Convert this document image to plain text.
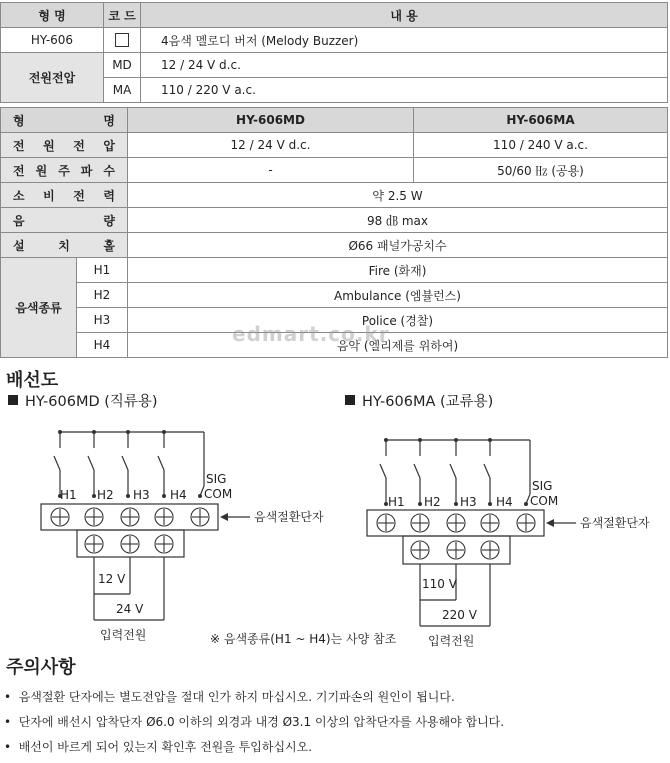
형 명	코 드	내 용
HY-606		4음색 멜로디 버저 (Melody Buzzer)
전원전압	MD	12 / 24 V d.c.
	MA	110 / 220 V a.c.
형 명		HY-606MD	HY-606MA

전 원 전 압		12 / 24 V d.c.	110 / 240 V a.c.

전 원 주 파 수		-	50/60 ㎐ (공용)

소 비 전 력		약 2.5 W	

음 량		98 ㏈ max	

설 치 홀		Ø66 패널가공치수	
음색종류	H1	Fire (화재)	
	H2	Ambulance (엠뷸런스)	
	H3	Police (경찰)	
	H4	음악 (엘리제를 위하여)	
edmart.co.kr
배선도
HY-606MD (직류용)	HY-606MA (교류용)
H1 H2 H3 H4
SIG
COM
음색절환단자
12 V
24 V
입력전원
H1 H2 H3 H4
SIG
COM
음색절환단자
110 V
220 V
입력전원
※ 음색종류(H1 ~ H4)는 사양 참조
주의사항
•  음색절환 단자에는 별도전압을 절대 인가 하지 마십시오. 기기파손의 원인이 됩니다.
•  단자에 배선시 압착단자 Ø6.0 이하의 외경과 내경 Ø3.1 이상의 압착단자를 사용해야 합니다.
•  배선이 바르게 되어 있는지 확인후 전원을 투입하십시오.
